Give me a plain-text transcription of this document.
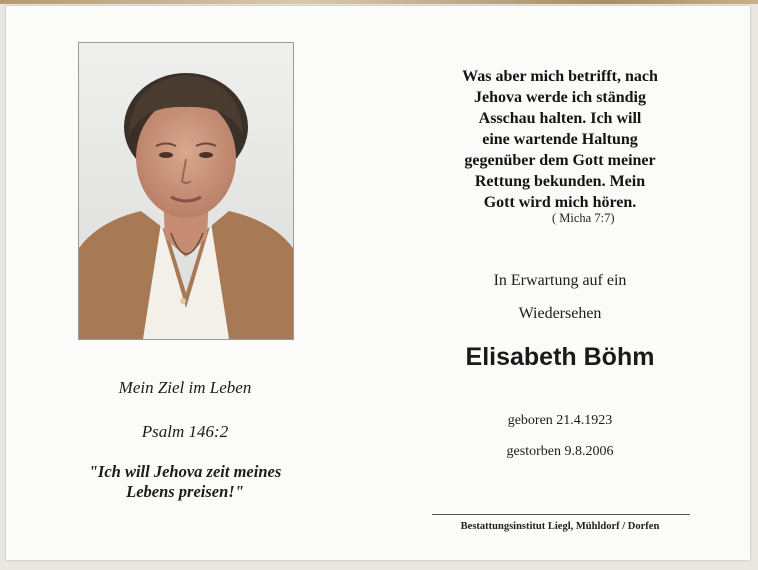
Mein Ziel im Leben
Psalm 146:2
"Ich will Jehova zeit meines
Lebens preisen!"
Was aber mich betrifft, nach
Jehova werde ich ständig
Asschau halten. Ich will
eine wartende Haltung
gegenüber dem Gott meiner
Rettung bekunden. Mein
Gott wird mich hören.
( Micha 7:7)
In Erwartung auf ein
Wiedersehen
Elisabeth Böhm
geboren 21.4.1923
gestorben 9.8.2006
Bestattungsinstitut Liegl, Mühldorf / Dorfen
